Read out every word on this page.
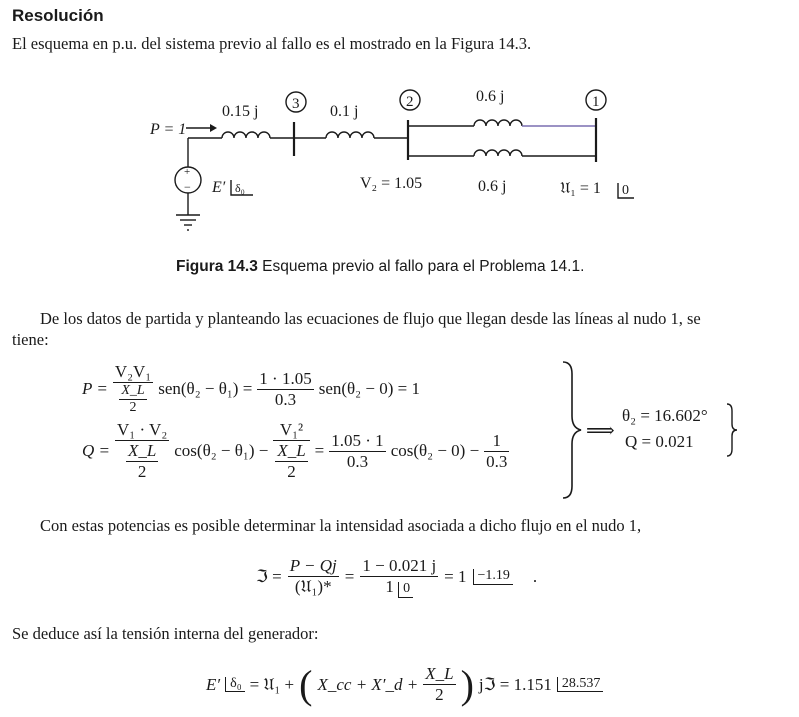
Resolución
El esquema en p.u. del sistema previo al fallo es el mostrado en la Figura 14.3.
+
−
P = 1
0.15 j	0.1 j
0.6 j
0.6 j
3	2	1
V₂ = 1.05	𝔘₁ = 1 0
E′ δ₀
Figura 14.3 Esquema previo al fallo para el Problema 14.1.
De los datos de partida y planteando las ecuaciones de flujo que llegan desde las líneas al nudo 1, se
tiene:
$P = \frac{\text{V₂V₁}}{\frac{X\_L}{2}} sen(\theta_2 - \theta_1) = \frac{1 \cdot 1.05}{0.3} sen(\theta_2 - 0) = 1$
$Q = \frac{\text{V₁ · V₂}}{\frac{X\_L}{2}} \cos(\theta_2 - \theta_1) - \frac{\text{V₁²}}{\frac{X\_L}{2}} = \frac{1.05 \cdot 1}{0.3} \cos(\theta_2 - 0) - \frac{1}{0.3}$	⟹
θ₂ = 16.602°
Q = 0.021
Con estas potencias es posible determinar la intensidad asociada a dicho flujo en el nudo 1,
ℑ = $\frac{P - Qj}{\text{(𝔘₁)*}} = \frac{1 - 0.021 j}{1 0} = 1 -1.19$ .
Se deduce así la tensión interna del generador:
E′ δ₀ = 𝔘₁ + ( X_cc + X′_d + $\frac{X\_L}{2}$ ) jℑ = 1.151 28.537
